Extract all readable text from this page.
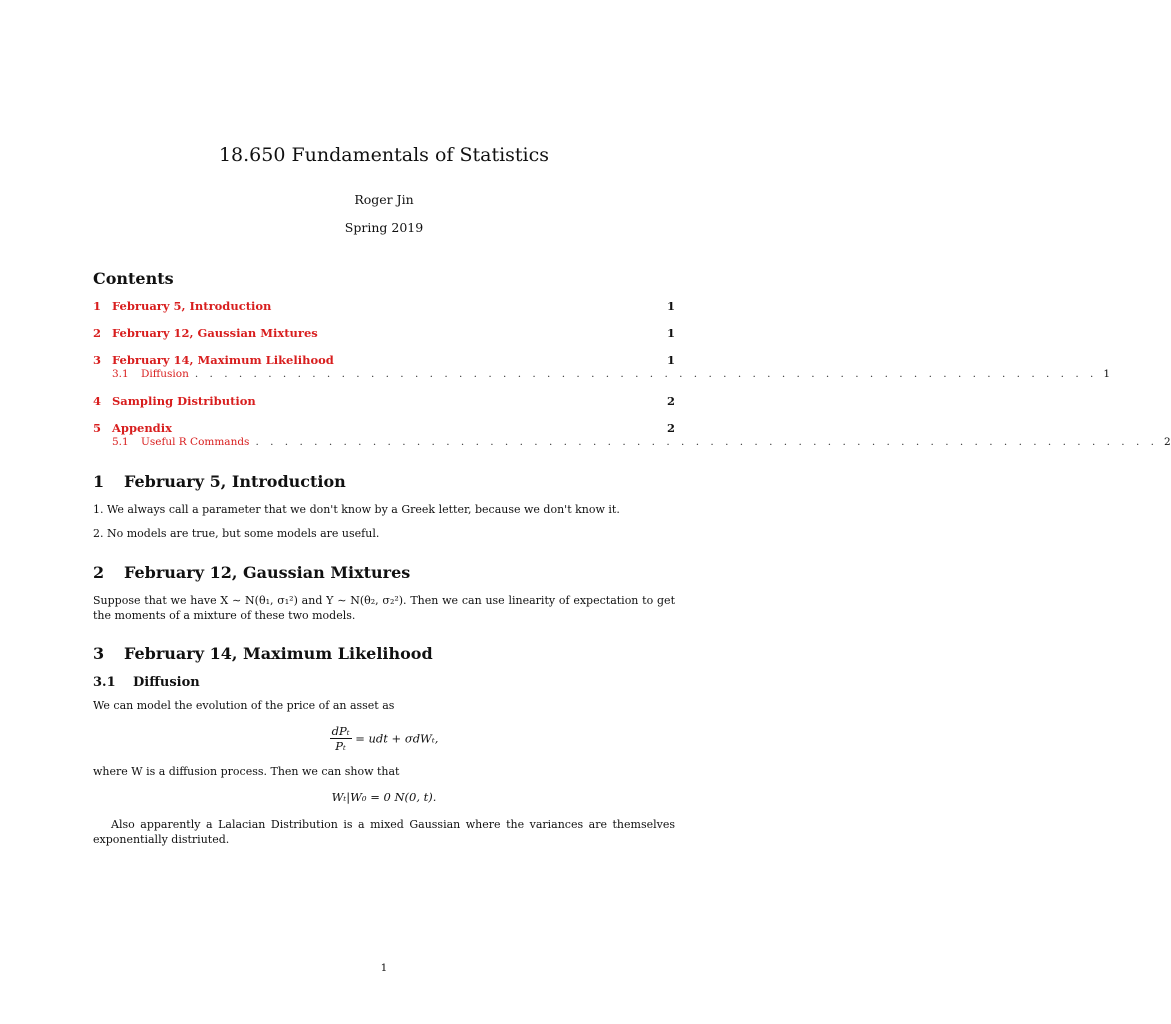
18.650 Fundamentals of Statistics
Roger Jin
Spring 2019
Contents
1 February 5, Introduction	1
2 February 12, Gaussian Mixtures	1
3 February 14, Maximum Likelihood	1
3.1	Diffusion . . . . . . . . . . . . . . . . . . . . . . . . . . . . . . . . . . . . . . . . . . . . . . . . . . . . . . . . . . . . . . 1
4 Sampling Distribution	2
5 Appendix	2
5.1	Useful R Commands . . . . . . . . . . . . . . . . . . . . . . . . . . . . . . . . . . . . . . . . . . . . . . . . . . . . . . . . . . . . . . 2
1	February 5, Introduction
1. We always call a parameter that we don't know by a Greek letter, because we don't know it.
2. No models are true, but some models are useful.
2	February 12, Gaussian Mixtures
Suppose that we have X ∼ N(θ₁, σ₁²) and Y ∼ N(θ₂, σ₂²). Then we can use linearity of expectation to get the moments of a mixture of these two models.
3	February 14, Maximum Likelihood
3.1	Diffusion
We can model the evolution of the price of an asset as
$\frac{\text{dPₜ}}{\text{Pₜ}}$ = udt + σdWₜ,
where W is a diffusion process. Then we can show that
Wₜ|W₀ = 0 N(0, t).
Also apparently a Lalacian Distribution is a mixed Gaussian where the variances are themselves exponentially distriuted.
1
